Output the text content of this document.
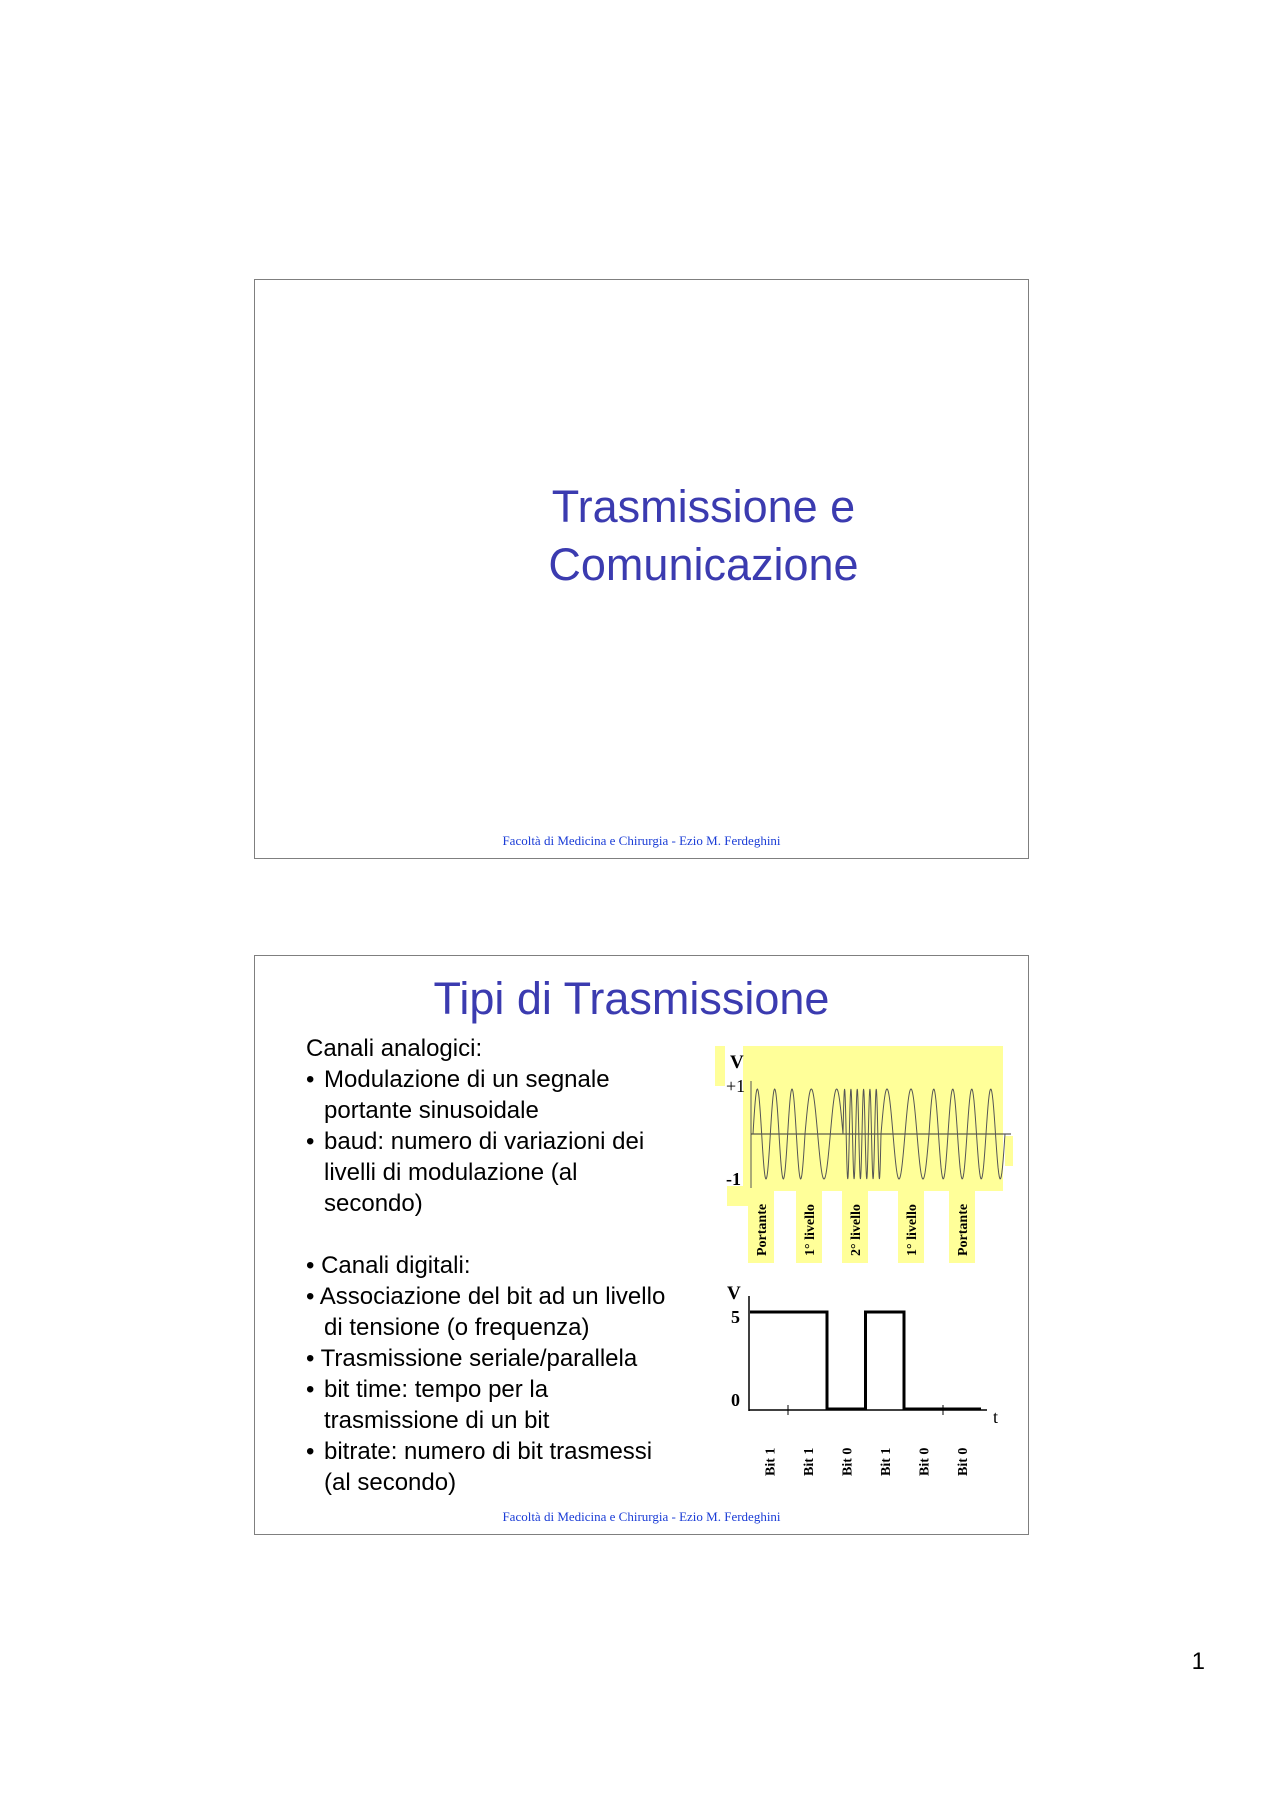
Trasmissione e
Comunicazione
Facoltà di Medicina e Chirurgia - Ezio M. Ferdeghini
Tipi di Trasmissione
Canali analogici:
• Modulazione di un segnale
portante sinusoidale
• baud: numero di variazioni dei
livelli di modulazione (al
secondo)
• Canali digitali:
• Associazione del bit ad un livello
di tensione (o frequenza)
• Trasmissione seriale/parallela
• bit time: tempo per la
trasmissione di un bit
• bitrate: numero di bit trasmessi
(al secondo)
V
+1
-1
Portante 1° livello 2° livello	1° livello	Portante
V
5
0
t
Bit 1 Bit 1 Bit 0 Bit 1 Bit 0 Bit 0
Facoltà di Medicina e Chirurgia - Ezio M. Ferdeghini
1
